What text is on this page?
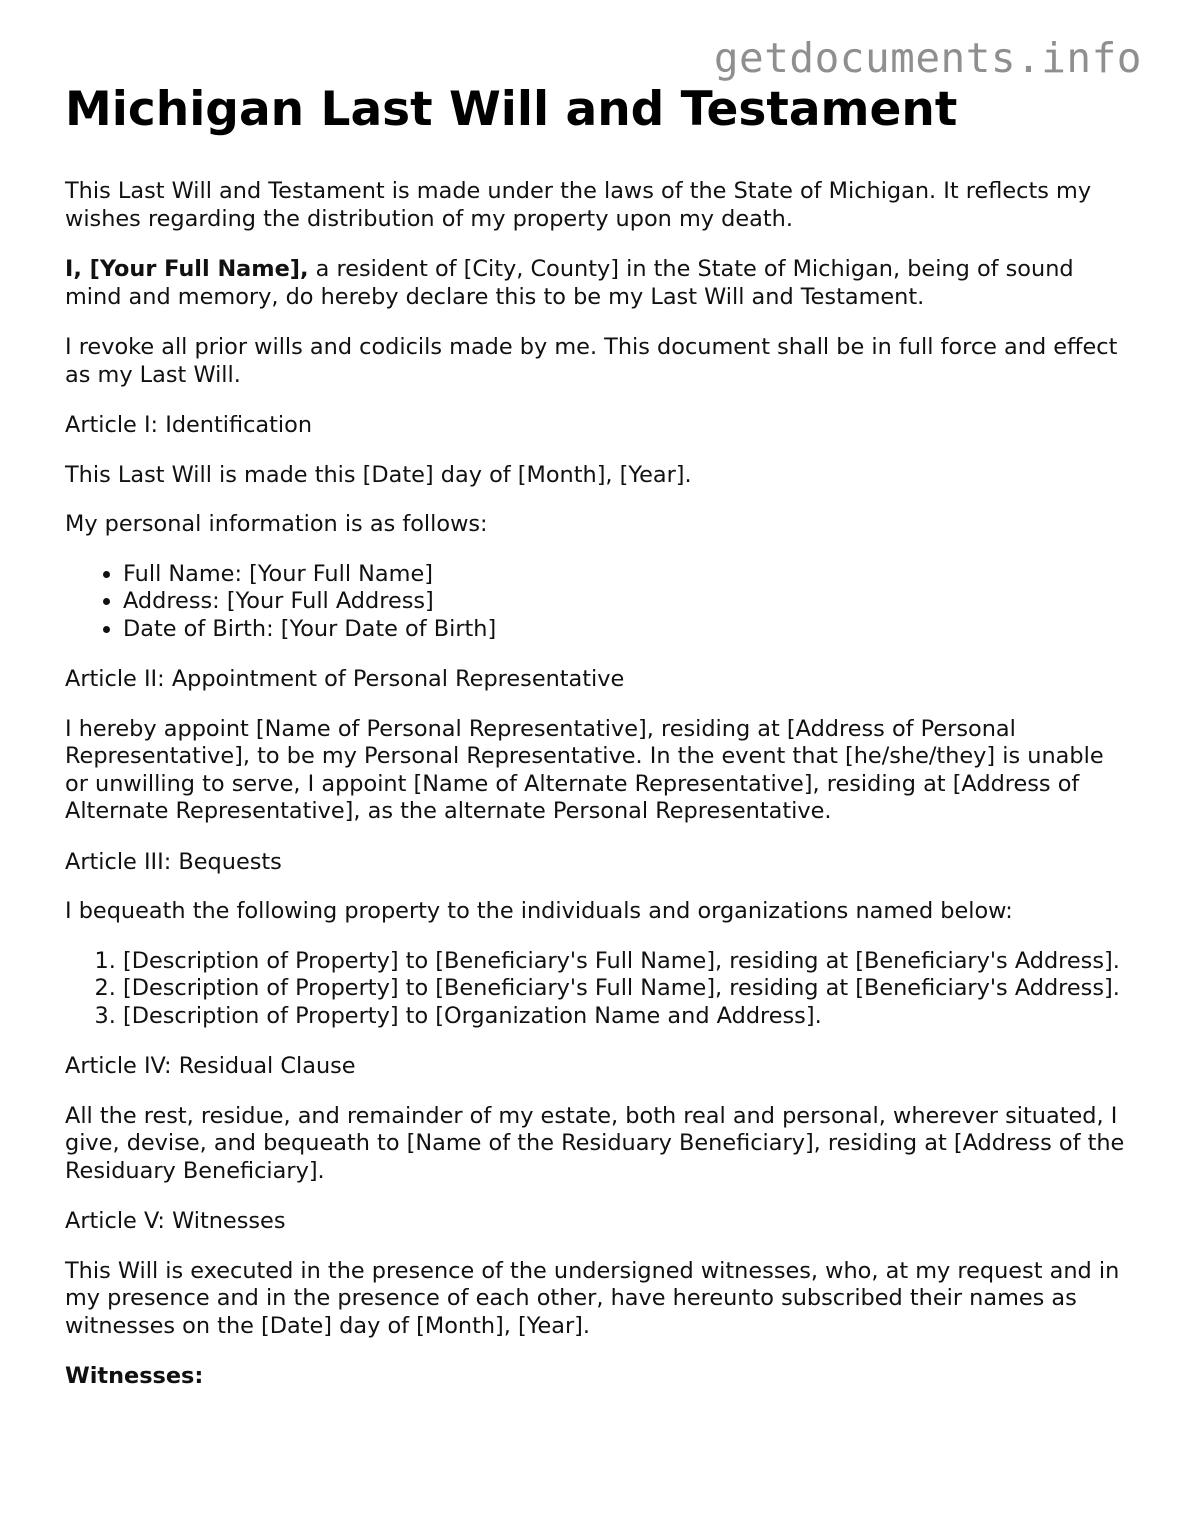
getdocuments.info
Michigan Last Will and Testament

This Last Will and Testament is made under the laws of the State of Michigan. It reflects my wishes regarding the distribution of my property upon my death.

I, [Your Full Name], a resident of [City, County] in the State of Michigan, being of sound mind and memory, do hereby declare this to be my Last Will and Testament.

I revoke all prior wills and codicils made by me. This document shall be in full force and effect as my Last Will.

Article I: Identification

This Last Will is made this [Date] day of [Month], [Year].

My personal information is as follows:

• Full Name: [Your Full Name]
• Address: [Your Full Address]
• Date of Birth: [Your Date of Birth]

Article II: Appointment of Personal Representative

I hereby appoint [Name of Personal Representative], residing at [Address of Personal Representative], to be my Personal Representative. In the event that [he/she/they] is unable or unwilling to serve, I appoint [Name of Alternate Representative], residing at [Address of Alternate Representative], as the alternate Personal Representative.

Article III: Bequests

I bequeath the following property to the individuals and organizations named below:

1. [Description of Property] to [Beneficiary's Full Name], residing at [Beneficiary's Address].
2. [Description of Property] to [Beneficiary's Full Name], residing at [Beneficiary's Address].
3. [Description of Property] to [Organization Name and Address].

Article IV: Residual Clause

All the rest, residue, and remainder of my estate, both real and personal, wherever situated, I give, devise, and bequeath to [Name of the Residuary Beneficiary], residing at [Address of the Residuary Beneficiary].

Article V: Witnesses

This Will is executed in the presence of the undersigned witnesses, who, at my request and in my presence and in the presence of each other, have hereunto subscribed their names as witnesses on the [Date] day of [Month], [Year].

Witnesses:
